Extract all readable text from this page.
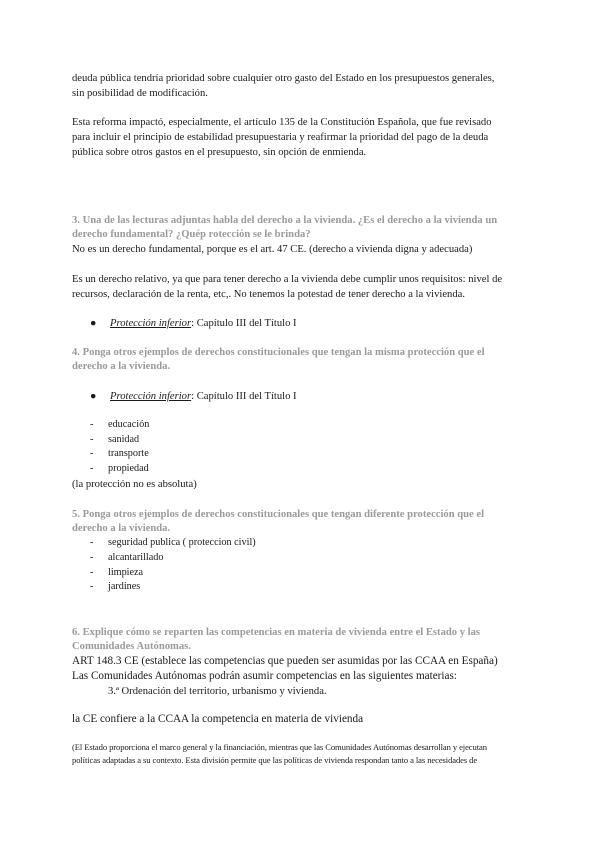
deuda pública tendría prioridad sobre cualquier otro gasto del Estado en los presupuestos generales,
sin posibilidad de modificación.
Esta reforma impactó, especialmente, el artículo 135 de la Constitución Española, que fue revisado
para incluir el principio de estabilidad presupuestaria y reafirmar la prioridad del pago de la deuda
pública sobre otros gastos en el presupuesto, sin opción de enmienda.
3. Una de las lecturas adjuntas habla del derecho a la vivienda. ¿Es el derecho a la vivienda un
derecho fundamental? ¿Quép rotección se le brinda?
No es un derecho fundamental, porque es el art. 47 CE. (derecho a vivienda digna y adecuada)
Es un derecho relativo, ya que para tener derecho a la vivienda debe cumplir unos requisitos: nivel de
recursos, declaración de la renta, etc,. No tenemos la potestad de tener derecho a la vivienda.
● Protección inferior: Capítulo III del Título I
4. Ponga otros ejemplos de derechos constitucionales que tengan la misma protección que el
derecho a la vivienda.
● Protección inferior: Capítulo III del Título I
- educación
- sanidad
- transporte
- propiedad
(la protección no es absoluta)
5. Ponga otros ejemplos de derechos constitucionales que tengan diferente protección que el
derecho a la vivienda.
- seguridad publica ( proteccion civil)
- alcantarillado
- limpieza
- jardines
6. Explique cómo se reparten las competencias en materia de vivienda entre el Estado y las
Comunidades Autónomas.
ART 148.3 CE (establece las competencias que pueden ser asumidas por las CCAA en España)
Las Comunidades Autónomas podrán asumir competencias en las siguientes materias:
3.ª Ordenación del territorio, urbanismo y vivienda.
la CE confiere a la CCAA la competencia en materia de vivienda
(El Estado proporciona el marco general y la financiación, mientras que las Comunidades Autónomas desarrollan y ejecutan
políticas adaptadas a su contexto. Esta división permite que las políticas de vivienda respondan tanto a las necesidades de
